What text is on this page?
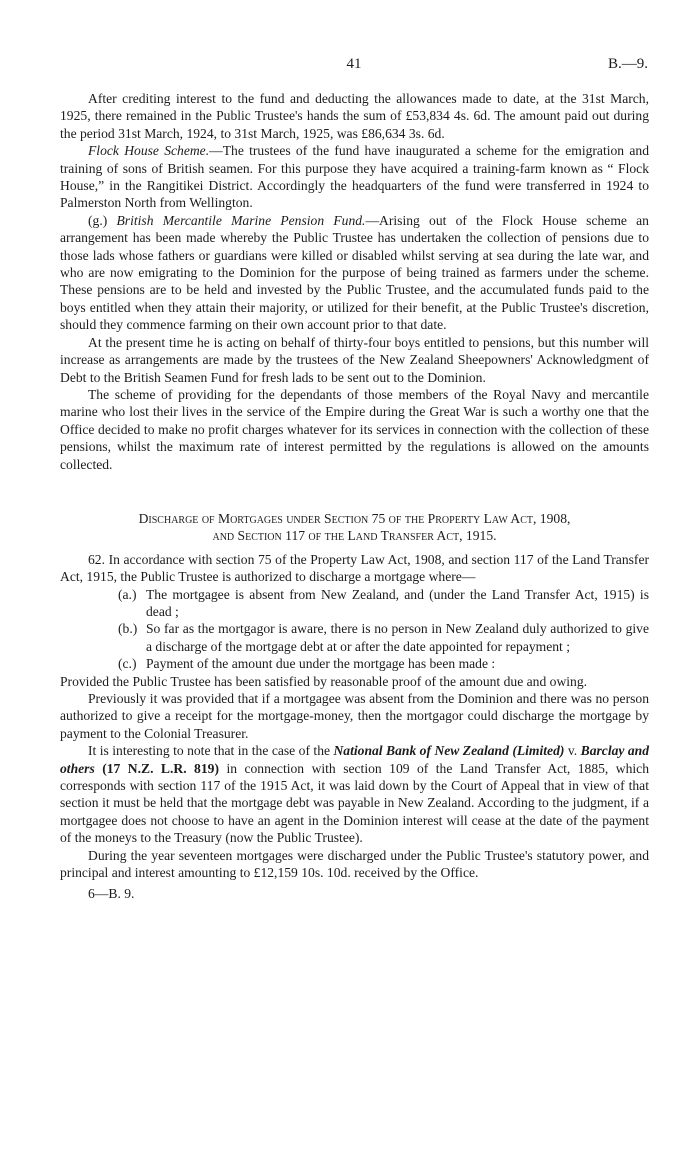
41	B.—9.

After crediting interest to the fund and deducting the allowances made to date, at the 31st March, 1925, there remained in the Public Trustee's hands the sum of £53,834 4s. 6d. The amount paid out during the period 31st March, 1924, to 31st March, 1925, was £86,634 3s. 6d.

Flock House Scheme.—The trustees of the fund have inaugurated a scheme for the emigration and training of sons of British seamen. For this purpose they have acquired a training-farm known as “ Flock House,” in the Rangitikei District. Accordingly the headquarters of the fund were transferred in 1924 to Palmerston North from Wellington.

(g.) British Mercantile Marine Pension Fund.—Arising out of the Flock House scheme an arrangement has been made whereby the Public Trustee has undertaken the collection of pensions due to those lads whose fathers or guardians were killed or disabled whilst serving at sea during the late war, and who are now emigrating to the Dominion for the purpose of being trained as farmers under the scheme. These pensions are to be held and invested by the Public Trustee, and the accumulated funds paid to the boys entitled when they attain their majority, or utilized for their benefit, at the Public Trustee's discretion, should they commence farming on their own account prior to that date.

At the present time he is acting on behalf of thirty-four boys entitled to pensions, but this number will increase as arrangements are made by the trustees of the New Zealand Sheepowners' Acknowledgment of Debt to the British Seamen Fund for fresh lads to be sent out to the Dominion.

The scheme of providing for the dependants of those members of the Royal Navy and mercantile marine who lost their lives in the service of the Empire during the Great War is such a worthy one that the Office decided to make no profit charges whatever for its services in connection with the collection of these pensions, whilst the maximum rate of interest permitted by the regulations is allowed on the amounts collected.

Discharge of Mortgages under Section 75 of the Property Law Act, 1908,
and Section 117 of the Land Transfer Act, 1915.

62. In accordance with section 75 of the Property Law Act, 1908, and section 117 of the Land Transfer Act, 1915, the Public Trustee is authorized to discharge a mortgage where—

(a.) The mortgagee is absent from New Zealand, and (under the Land Transfer Act, 1915) is dead ;
(b.) So far as the mortgagor is aware, there is no person in New Zealand duly authorized to give a discharge of the mortgage debt at or after the date appointed for repayment ;
(c.) Payment of the amount due under the mortgage has been made :

Provided the Public Trustee has been satisfied by reasonable proof of the amount due and owing.

Previously it was provided that if a mortgagee was absent from the Dominion and there was no person authorized to give a receipt for the mortgage-money, then the mortgagor could discharge the mortgage by payment to the Colonial Treasurer.

It is interesting to note that in the case of the National Bank of New Zealand (Limited) v. Barclay and others (17 N.Z. L.R. 819) in connection with section 109 of the Land Transfer Act, 1885, which corresponds with section 117 of the 1915 Act, it was laid down by the Court of Appeal that in view of that section it must be held that the mortgage debt was payable in New Zealand. According to the judgment, if a mortgagee does not choose to have an agent in the Dominion interest will cease at the date of the payment of the moneys to the Treasury (now the Public Trustee).

During the year seventeen mortgages were discharged under the Public Trustee's statutory power, and principal and interest amounting to £12,159 10s. 10d. received by the Office.

6—B. 9.
